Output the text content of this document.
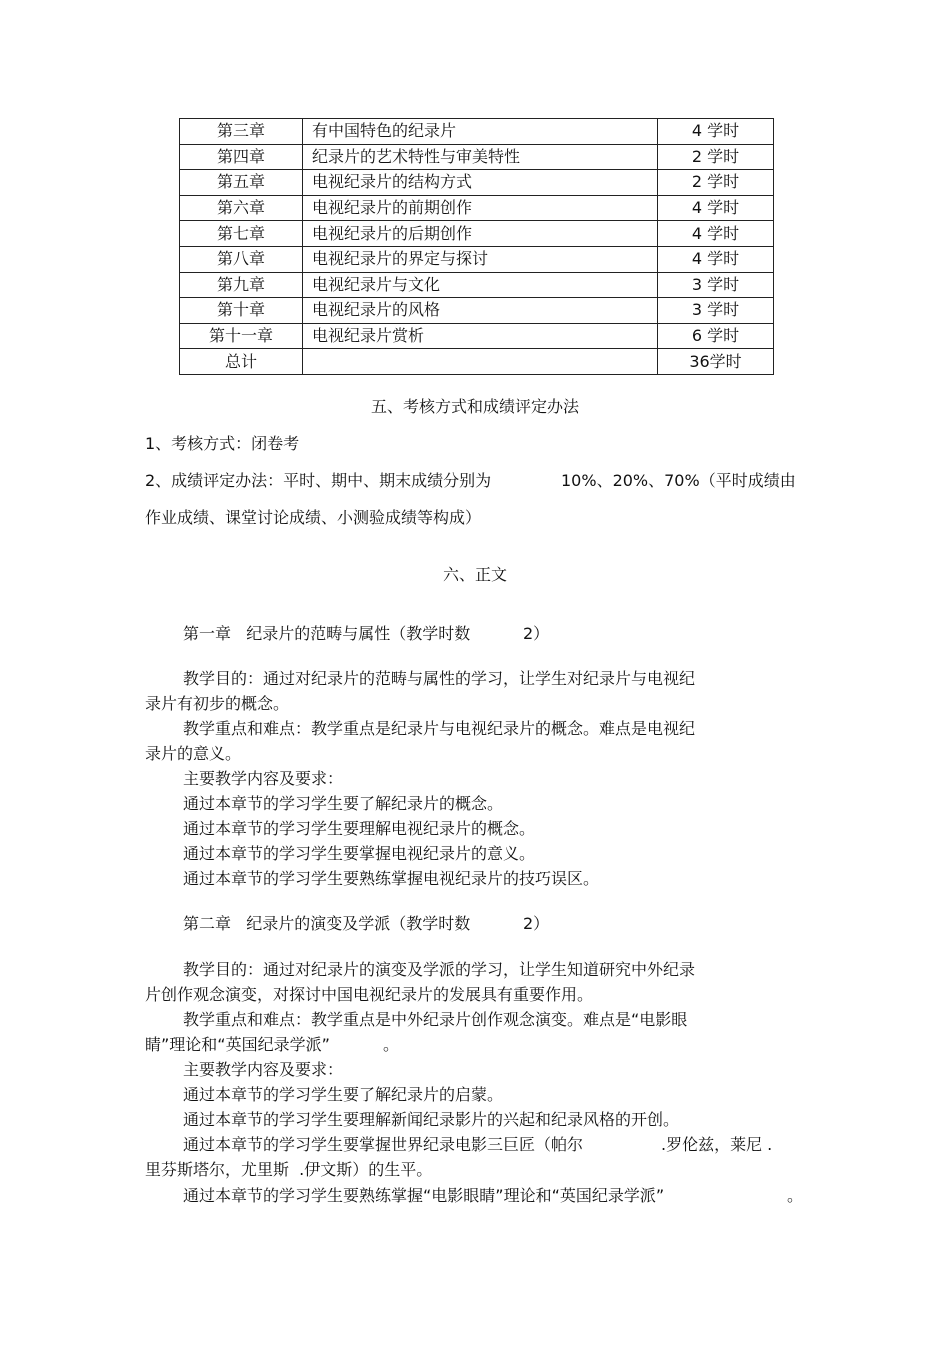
第三章	有中国特色的纪录片	4 学时
第四章	纪录片的艺术特性与审美特性	2 学时
第五章	电视纪录片的结构方式	2 学时
第六章	电视纪录片的前期创作	4 学时
第七章	电视纪录片的后期创作	4 学时
第八章	电视纪录片的界定与探讨	4 学时
第九章	电视纪录片与文化	3 学时
第十章	电视纪录片的风格	3 学时
第十一章	电视纪录片赏析	6 学时
总计		36学时
五、考核方式和成绩评定办法
1、考核方式：闭卷考
2、成绩评定办法：平时、期中、期末成绩分别为	10%、20%、70%（平时成绩由
作业成绩、课堂讨论成绩、小测验成绩等构成）
六、正文
第一章   纪录片的范畴与属性（教学时数	2）
教学目的：通过对纪录片的范畴与属性的学习，让学生对纪录片与电视纪
录片有初步的概念。
教学重点和难点：教学重点是纪录片与电视纪录片的概念。难点是电视纪
录片的意义。
主要教学内容及要求：
通过本章节的学习学生要了解纪录片的概念。
通过本章节的学习学生要理解电视纪录片的概念。
通过本章节的学习学生要掌握电视纪录片的意义。
通过本章节的学习学生要熟练掌握电视纪录片的技巧误区。
第二章   纪录片的演变及学派（教学时数	2）
教学目的：通过对纪录片的演变及学派的学习，让学生知道研究中外纪录
片创作观念演变，对探讨中国电视纪录片的发展具有重要作用。
教学重点和难点：教学重点是中外纪录片创作观念演变。难点是“电影眼
睛”理论和“英国纪录学派”	。
主要教学内容及要求：
通过本章节的学习学生要了解纪录片的启蒙。
通过本章节的学习学生要理解新闻纪录影片的兴起和纪录风格的开创。
通过本章节的学习学生要掌握世界纪录电影三巨匠（帕尔	.罗伦兹，莱尼 .
里芬斯塔尔，尤里斯  .伊文斯）的生平。
通过本章节的学习学生要熟练掌握“电影眼睛”理论和“英国纪录学派”	。
